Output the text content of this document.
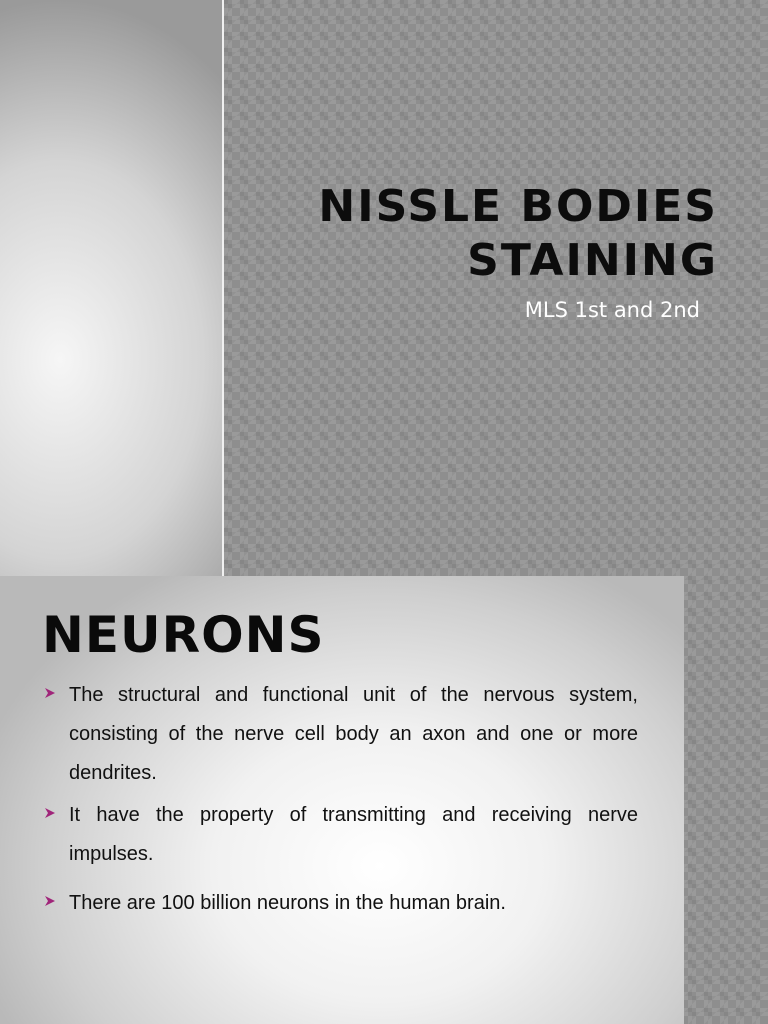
NISSLE BODIES
STAINING

MLS 1st and 2nd

NEURONS
The structural and functional unit of the nervous system, consisting of the nerve cell body an axon and one or more dendrites.
It have the property of transmitting and receiving nerve impulses.
There are 100 billion neurons in the human brain.
